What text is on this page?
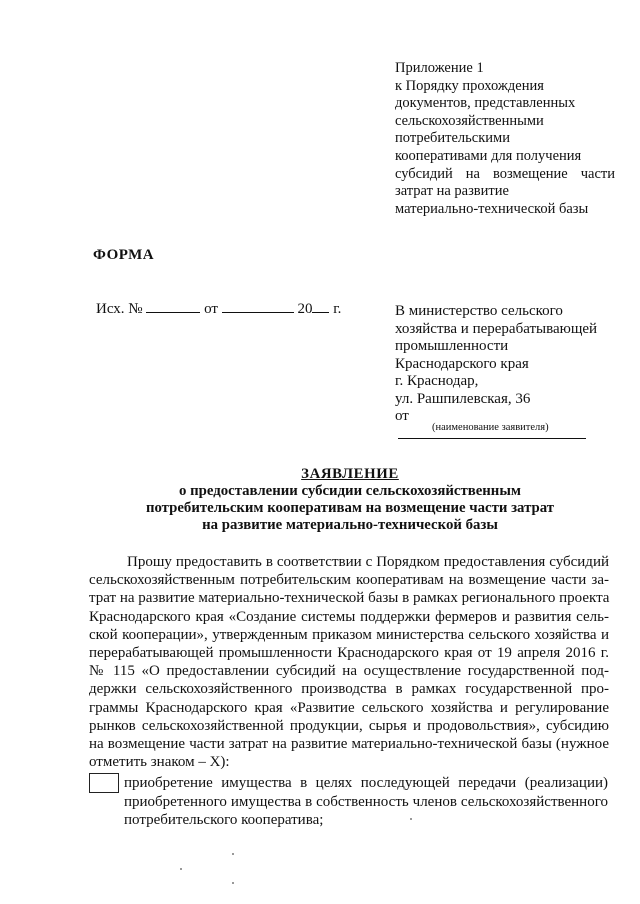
Приложение 1
к Порядку прохождения
документов, представленных
сельскохозяйственными
потребительскими
кооперативами для получения
субсидий на возмещение части
затрат на развитие
материально-технической базы
ФОРМА
Исх. №	от	20 г.	В министерство сельского
хозяйства и перерабатывающей
промышленности
Краснодарского края
г. Краснодар,
ул. Рашпилевская, 36
от
(наименование заявителя)
ЗАЯВЛЕНИЕ
о предоставлении субсидии сельскохозяйственным
потребительским кооперативам на возмещение части затрат
на развитие материально-технической базы
Прошу предоставить в соответствии с Порядком предоставления субсидий
сельскохозяйственным потребительским кооперативам на возмещение части за-
трат на развитие материально-технической базы в рамках регионального проекта
Краснодарского края «Создание системы поддержки фермеров и развития сель-
ской кооперации», утвержденным приказом министерства сельского хозяйства и
перерабатывающей промышленности Краснодарского края от 19 апреля 2016 г.
№ 115 «О предоставлении субсидий на осуществление государственной под-
держки сельскохозяйственного производства в рамках государственной про-
граммы Краснодарского края «Развитие сельского хозяйства и регулирование
рынков сельскохозяйственной продукции, сырья и продовольствия», субсидию
на возмещение части затрат на развитие материально-технической базы (нужное
отметить знаком – Х):
приобретение имущества в целях последующей передачи (реализации)
приобретенного имущества в собственность членов сельскохозяйственного
потребительского кооператива;
